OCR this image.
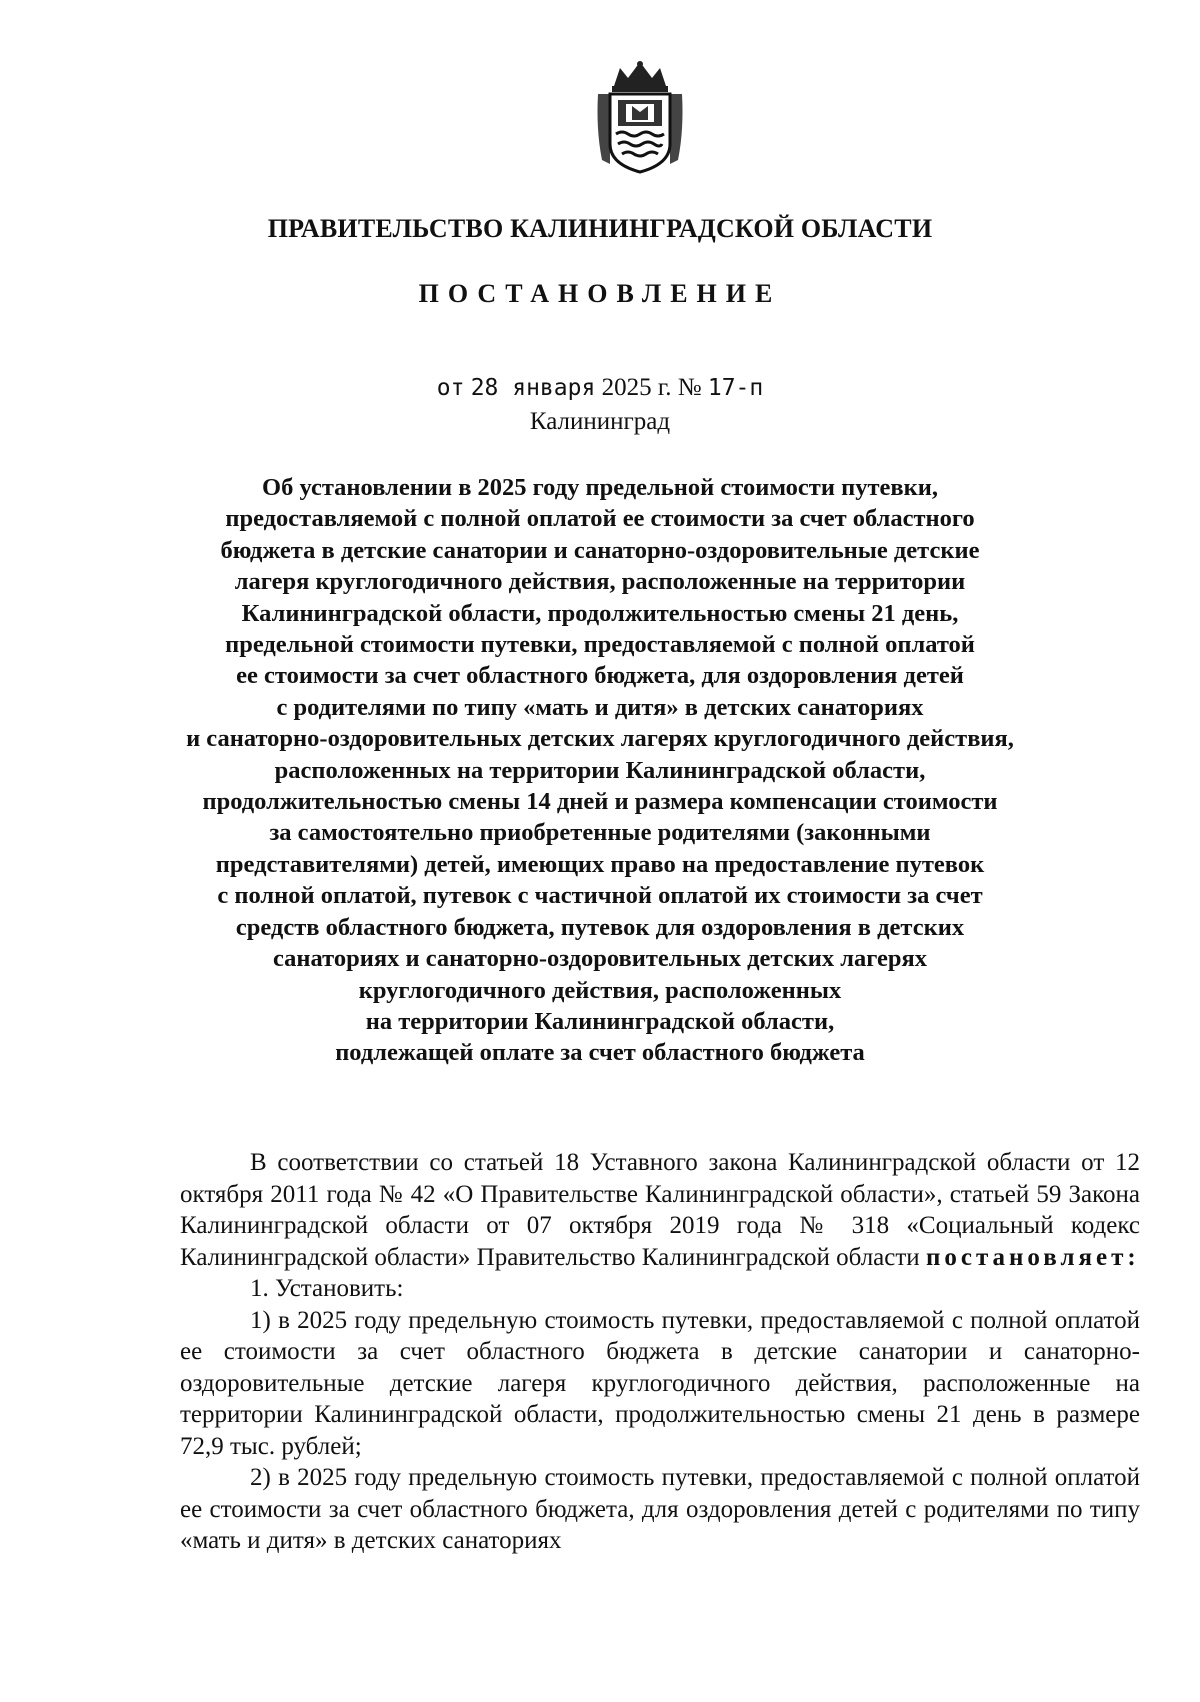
ПРАВИТЕЛЬСТВО КАЛИНИНГРАДСКОЙ ОБЛАСТИ
ПОСТАНОВЛЕНИЕ
от 28 января 2025 г. № 17-п
Калининград
Об установлении в 2025 году предельной стоимости путевки,
предоставляемой с полной оплатой ее стоимости за счет областного
бюджета в детские санатории и санаторно-оздоровительные детские
лагеря круглогодичного действия, расположенные на территории
Калининградской области, продолжительностью смены 21 день,
предельной стоимости путевки, предоставляемой с полной оплатой
ее стоимости за счет областного бюджета, для оздоровления детей
с родителями по типу «мать и дитя» в детских санаториях
и санаторно-оздоровительных детских лагерях круглогодичного действия,
расположенных на территории Калининградской области,
продолжительностью смены 14 дней и размера компенсации стоимости
за самостоятельно приобретенные родителями (законными
представителями) детей, имеющих право на предоставление путевок
с полной оплатой, путевок с частичной оплатой их стоимости за счет
средств областного бюджета, путевок для оздоровления в детских
санаториях и санаторно-оздоровительных детских лагерях
круглогодичного действия, расположенных
на территории Калининградской области,
подлежащей оплате за счет областного бюджета

В соответствии со статьей 18 Уставного закона Калининградской области от 12 октября 2011 года № 42 «О Правительстве Калининградской области», статьей 59 Закона Калининградской области от 07 октября 2019 года № 318 «Социальный кодекс Калининградской области» Правительство Калининградской области постановляет:

1. Установить:

1) в 2025 году предельную стоимость путевки, предоставляемой с полной оплатой ее стоимости за счет областного бюджета в детские санатории и санаторно-оздоровительные детские лагеря круглогодичного действия, расположенные на территории Калининградской области, продолжительностью смены 21 день в размере 72,9 тыс. рублей;

2) в 2025 году предельную стоимость путевки, предоставляемой с полной оплатой ее стоимости за счет областного бюджета, для оздоровления детей с родителями по типу «мать и дитя» в детских санаториях
